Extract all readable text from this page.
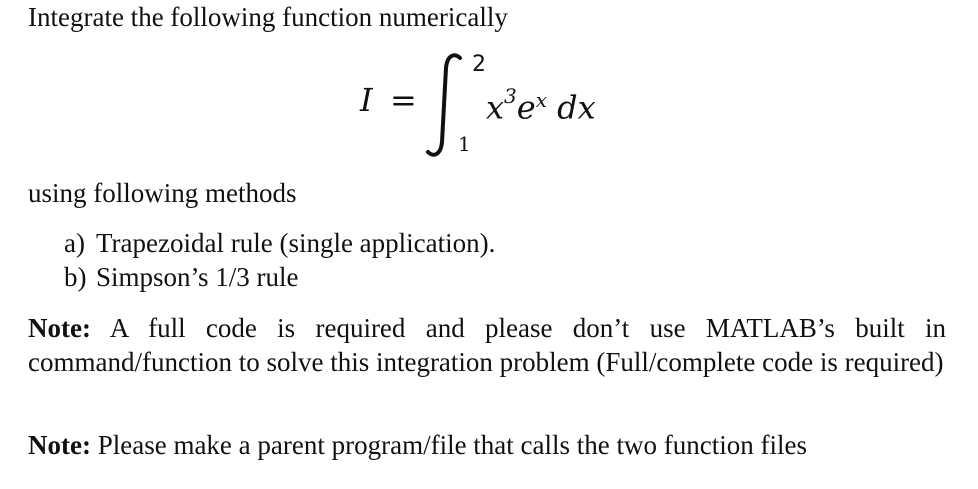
Integrate the following function numerically
I =
2
1
$x^3e^x$ dx
using following methods
a) Trapezoidal rule (single application).
b) Simpson’s 1/3 rule
Note: A full code is required and please don’t use MATLAB’s built in command/function to solve this integration problem (Full/complete code is required)
Note: Please make a parent program/file that calls the two function files
